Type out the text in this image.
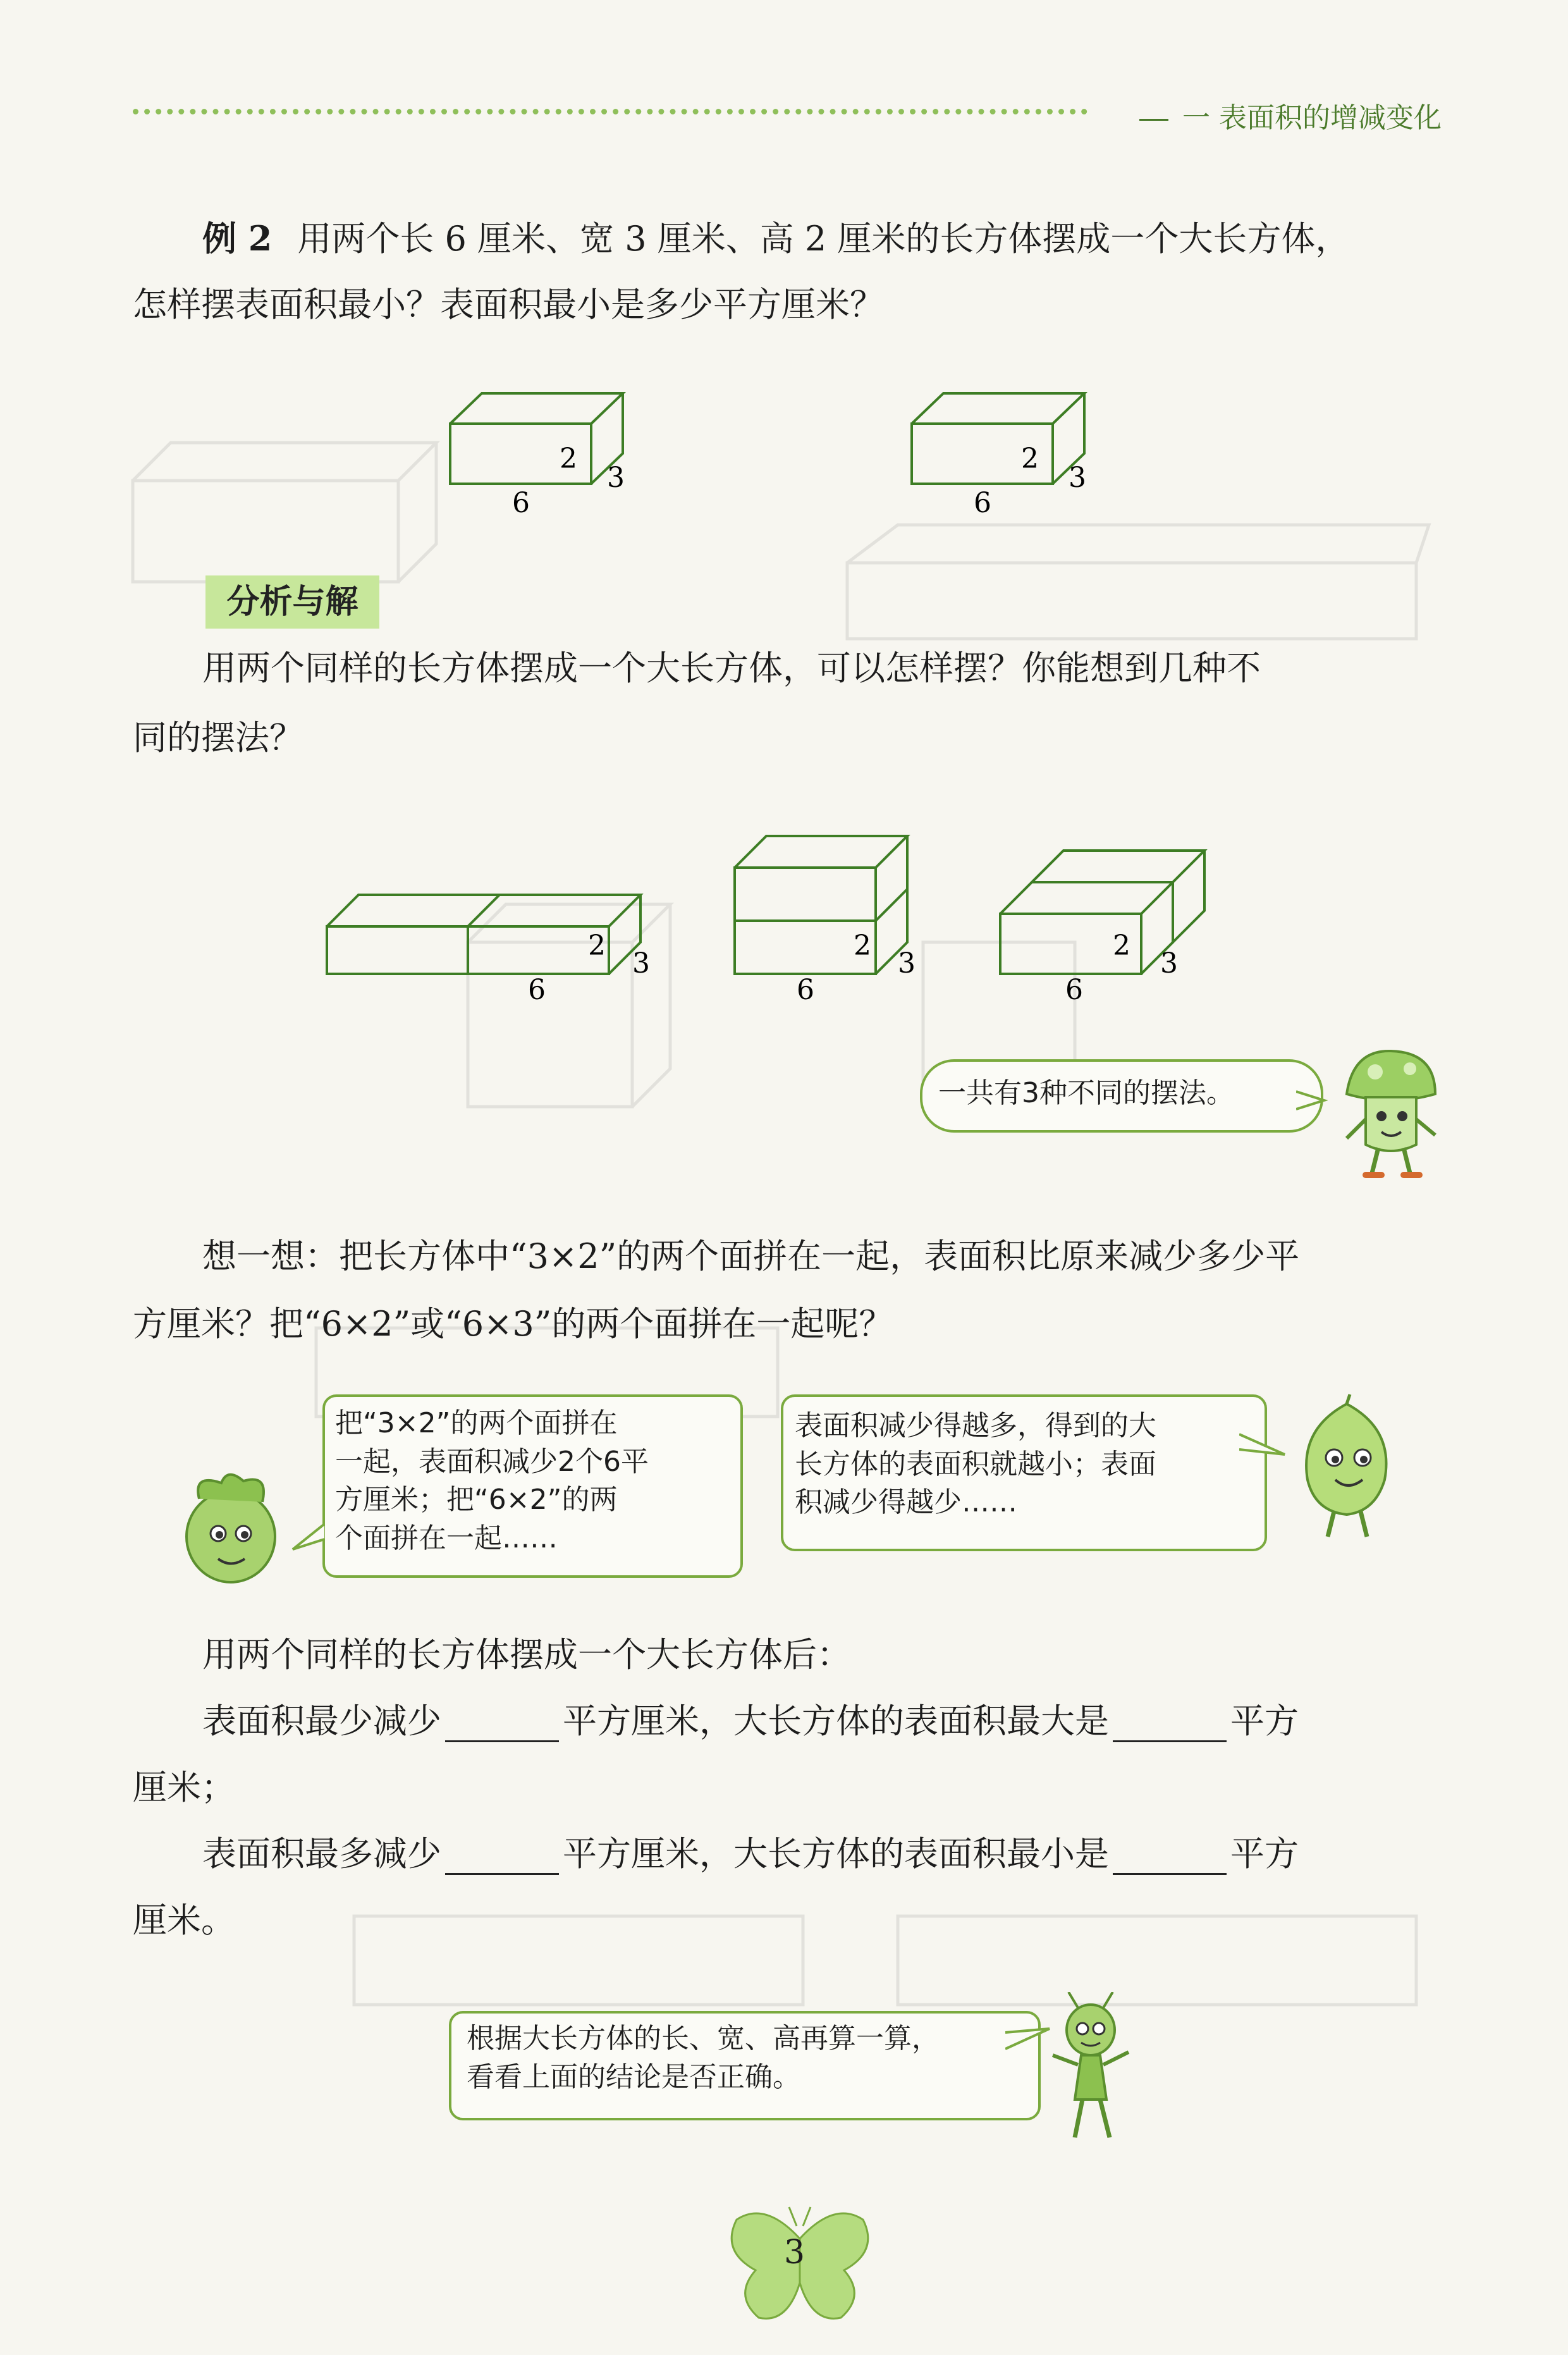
一 表面积的增减变化
例 2 用两个长 6 厘米、宽 3 厘米、高 2 厘米的长方体摆成一个大长方体，
怎样摆表面积最小？表面积最小是多少平方厘米？
2
3
6
2
3
6
分析与解
用两个同样的长方体摆成一个大长方体，可以怎样摆？你能想到几种不
同的摆法？
2
3
6
2
3
6
2
3
6
一共有3种不同的摆法。
想一想：把长方体中“3×2”的两个面拼在一起，表面积比原来减少多少平
方厘米？把“6×2”或“6×3”的两个面拼在一起呢？
把“3×2”的两个面拼在
一起，表面积减少2个6平
方厘米；把“6×2”的两
个面拼在一起……
表面积减少得越多，得到的大
长方体的表面积就越小；表面
积减少得越少……
用两个同样的长方体摆成一个大长方体后：
表面积最少减少	平方厘米，大长方体的表面积最大是	平方
厘米；
表面积最多减少	平方厘米，大长方体的表面积最小是	平方
厘米。
根据大长方体的长、宽、高再算一算，
看看上面的结论是否正确。
3
